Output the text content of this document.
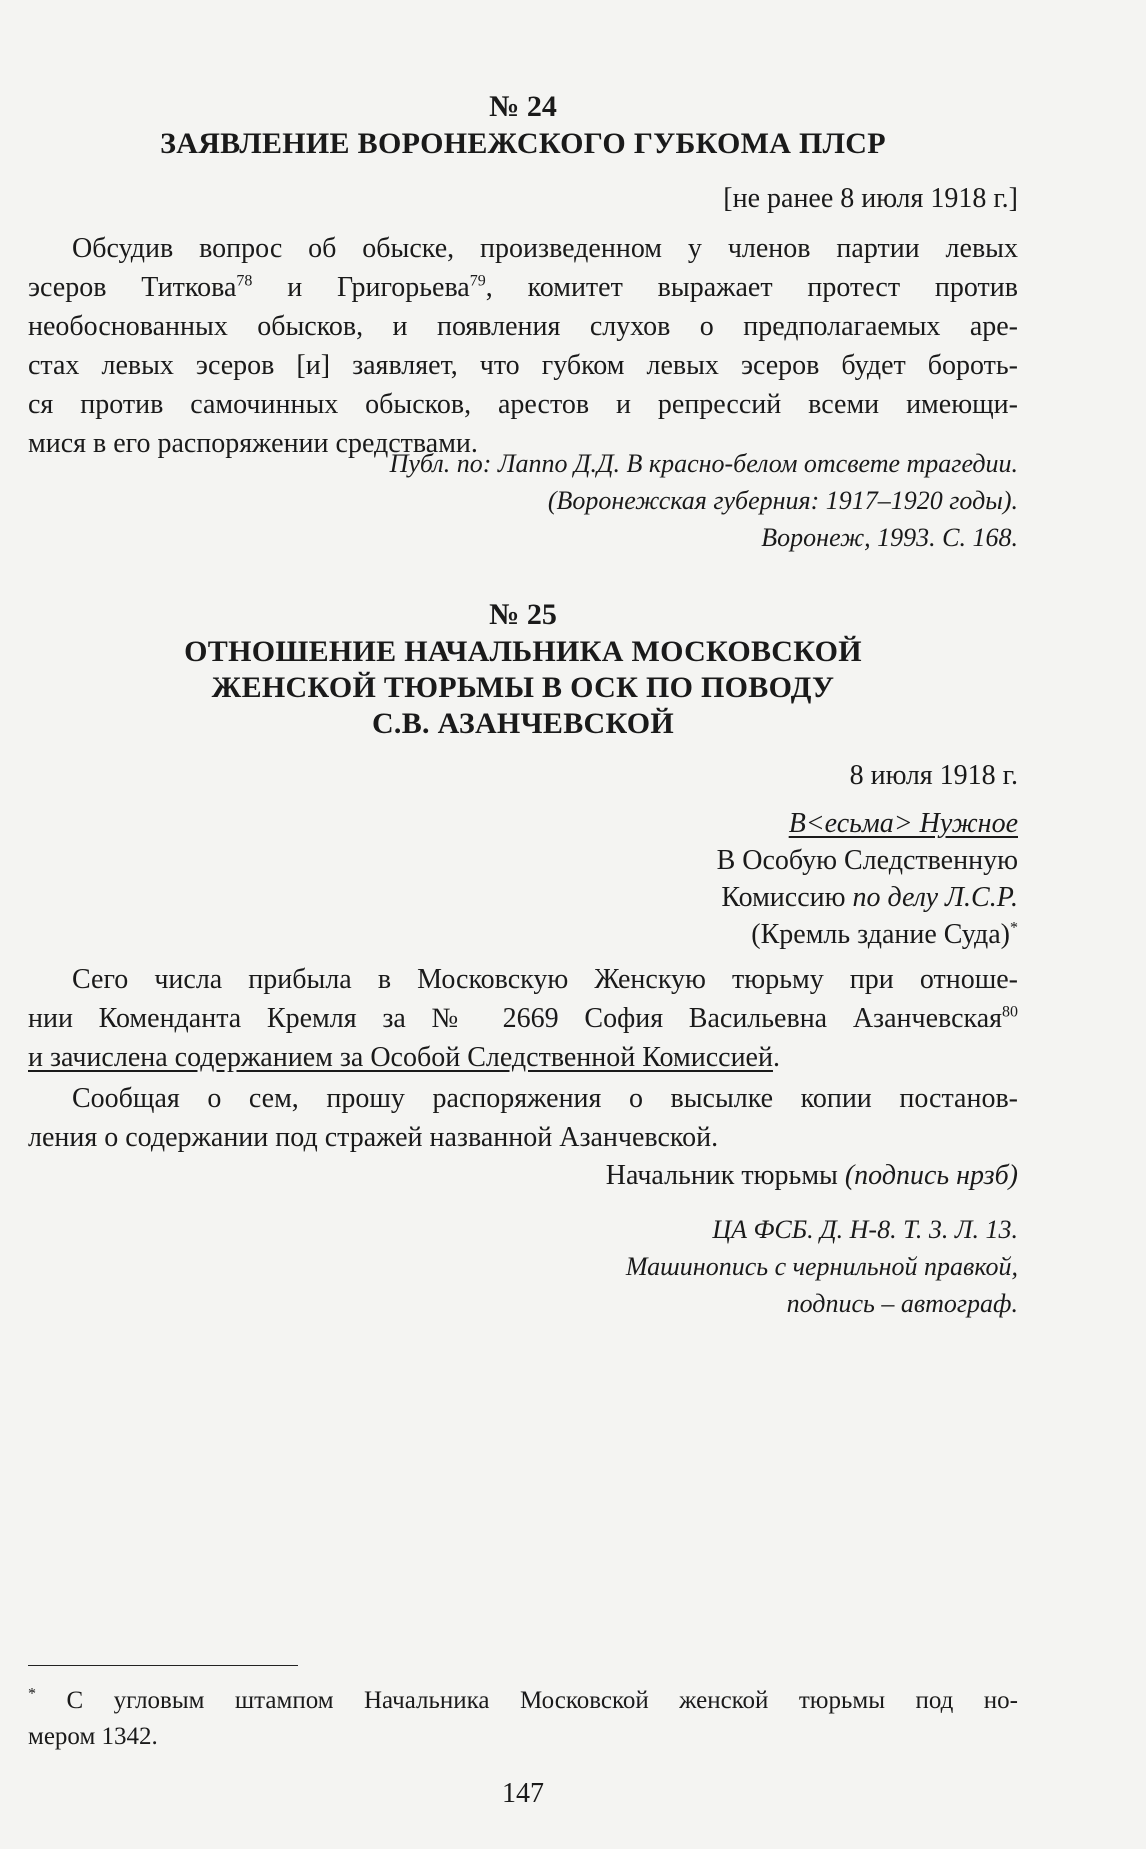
№ 24
ЗАЯВЛЕНИЕ ВОРОНЕЖСКОГО ГУБКОМА ПЛСР
[не ранее 8 июля 1918 г.]
Обсудив вопрос об обыске, произведенном у членов партии левых
эсеров Титкова$^{78}$ и Григорьева$^{79}$, комитет выражает протест против
необоснованных обысков, и появления слухов о предполагаемых аре-
стах левых эсеров [и] заявляет, что губком левых эсеров будет бороть-
ся против самочинных обысков, арестов и репрессий всеми имеющи-
мися в его распоряжении средствами.
Публ. по: Лаппо Д.Д. В красно-белом отсвете трагедии.
(Воронежская губерния: 1917–1920 годы).
Воронеж, 1993. С. 168.
№ 25
ОТНОШЕНИЕ НАЧАЛЬНИКА МОСКОВСКОЙ
ЖЕНСКОЙ ТЮРЬМЫ В ОСК ПО ПОВОДУ
С.В. АЗАНЧЕВСКОЙ
8 июля 1918 г.
В<есьма> Нужное
В Особую Следственную
Комиссию по делу Л.С.Р.
(Кремль здание Суда)*
Сего числа прибыла в Московскую Женскую тюрьму при отноше-
нии Коменданта Кремля за № 2669 София Васильевна Азанчевская$^{80}$
и зачислена содержанием за Особой Следственной Комиссией.
Сообщая о сем, прошу распоряжения о высылке копии постанов-
ления о содержании под стражей названной Азанчевской.
Начальник тюрьмы (подпись нрзб)
ЦА ФСБ. Д. Н-8. Т. 3. Л. 13.
Машинопись с чернильной правкой,
подпись – автограф.
* С угловым штампом Начальника Московской женской тюрьмы под но-
мером 1342.
147
